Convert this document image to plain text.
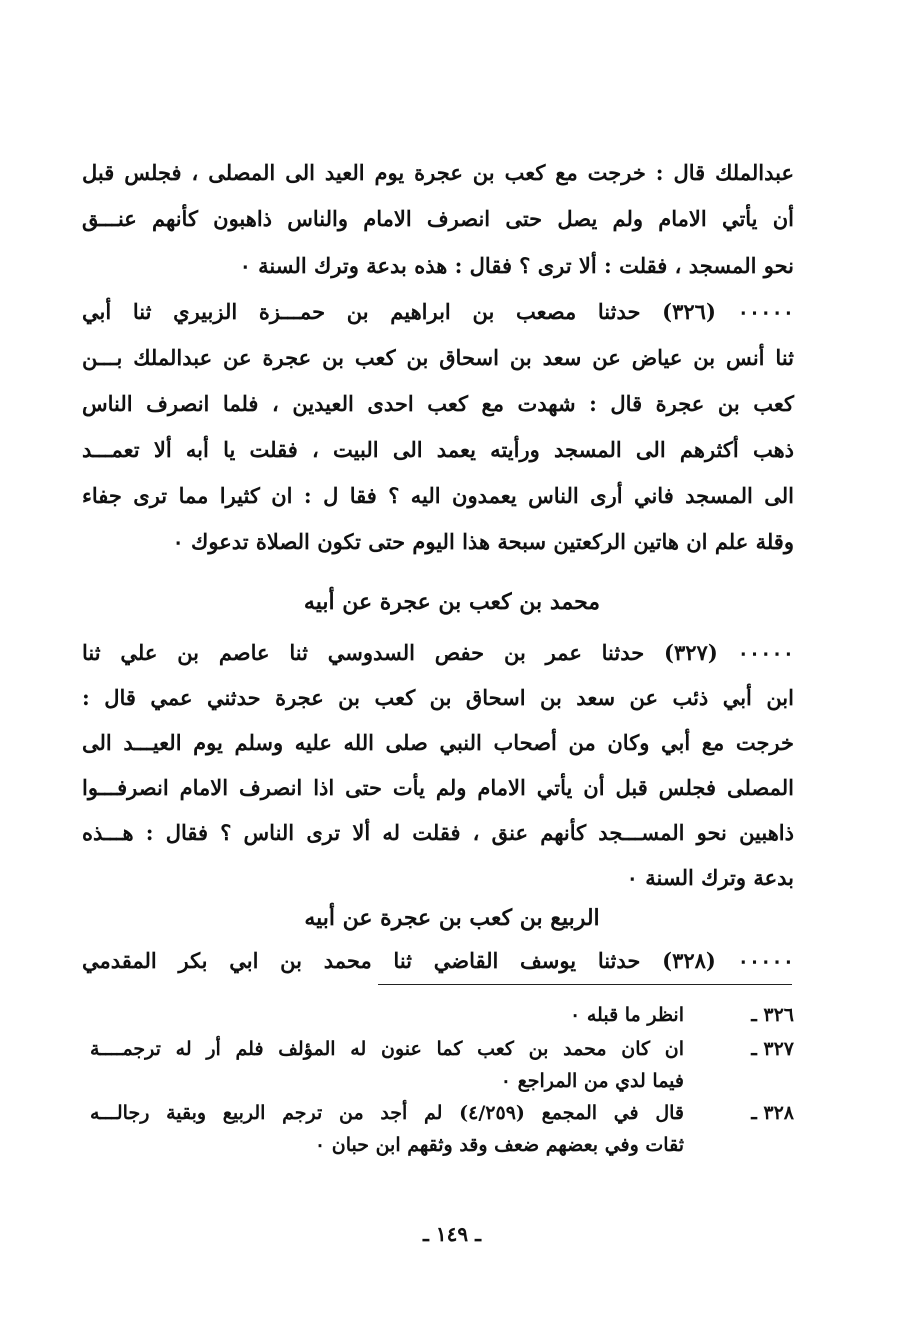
عبدالملك قال : خرجت مع كعب بن عجرة يوم العيد الى المصلى ، فجلس قبل
أن يأتي الامام ولم يصل حتى انصرف الامام والناس ذاهبون كأنهم عنـــق
نحو المسجد ، فقلت : ألا ترى ؟ فقال : هذه بدعة وترك السنة ٠
٠٠٠٠٠ (٣٢٦) حدثنا مصعب بن ابراهيم بن حمـــزة الزبيري ثنا أبي
ثنا أنس بن عياض عن سعد بن اسحاق بن كعب بن عجرة عن عبدالملك بـــن
كعب بن عجرة قال : شهدت مع كعب احدى العيدين ، فلما انصرف الناس
ذهب أكثرهم الى المسجد ورأيته يعمد الى البيت ، فقلت يا أبه ألا تعمـــد
الى المسجد فاني أرى الناس يعمدون اليه ؟ فقا ل : ان كثيرا مما ترى جفاء
وقلة علم ان هاتين الركعتين سبحة هذا اليوم حتى تكون الصلاة تدعوك ٠
محمد بن كعب بن عجرة عن أبيه
٠٠٠٠٠ (٣٢٧) حدثنا عمر بن حفص السدوسي ثنا عاصم بن علي ثنا
ابن أبي ذئب عن سعد بن اسحاق بن كعب بن عجرة حدثني عمي قال :
خرجت مع أبي وكان من أصحاب النبي صلى الله عليه وسلم يوم العيـــد الى
المصلى فجلس قبل أن يأتي الامام ولم يأت حتى اذا انصرف الامام انصرفـــوا
ذاهبين نحو المســـجد كأنهم عنق ، فقلت له ألا ترى الناس ؟ فقال : هـــذه
بدعة وترك السنة ٠
الربيع بن كعب بن عجرة عن أبيه
٠٠٠٠٠ (٣٢٨) حدثنا يوسف القاضي ثنا محمد بن ابي بكر المقدمي
٣٢٦ ـ
انظر ما قبله ٠
٣٢٧ ـ
ان كان محمد بن كعب كما عنون له المؤلف فلم أر له ترجمــــة
فيما لدي من المراجع ٠
٣٢٨ ـ
قال في المجمع (٤/٢٥٩) لم أجد من ترجم الربيع وبقية رجالـــه
ثقات وفي بعضهم ضعف وقد وثقهم ابن حبان ٠
ـ ١٤٩ ـ
